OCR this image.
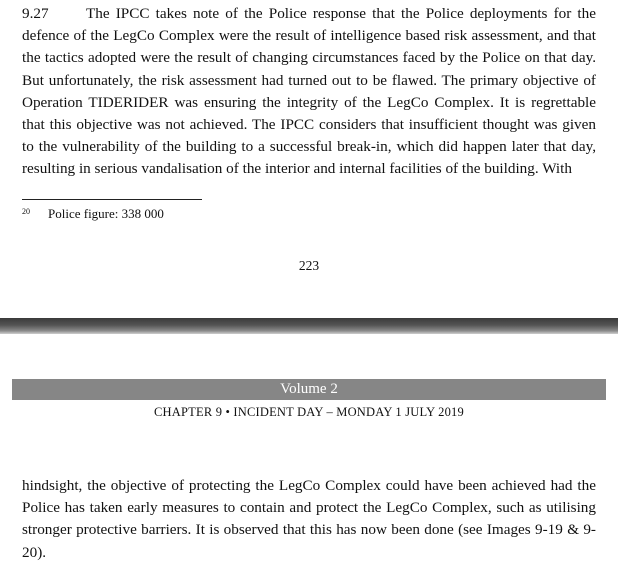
9.27 The IPCC takes note of the Police response that the Police deployments for the defence of the LegCo Complex were the result of intelligence based risk assessment, and that the tactics adopted were the result of changing circumstances faced by the Police on that day. But unfortunately, the risk assessment had turned out to be flawed. The primary objective of Operation TIDERIDER was ensuring the integrity of the LegCo Complex. It is regrettable that this objective was not achieved. The IPCC considers that insufficient thought was given to the vulnerability of the building to a successful break-in, which did happen later that day, resulting in serious vandalisation of the interior and internal facilities of the building. With

$^{20}$ Police figure: 338 000
223
Volume 2
CHAPTER 9 • INCIDENT DAY – MONDAY 1 JULY 2019

hindsight, the objective of protecting the LegCo Complex could have been achieved had the Police has taken early measures to contain and protect the LegCo Complex, such as utilising stronger protective barriers. It is observed that this has now been done (see Images 9-19 & 9-20).
